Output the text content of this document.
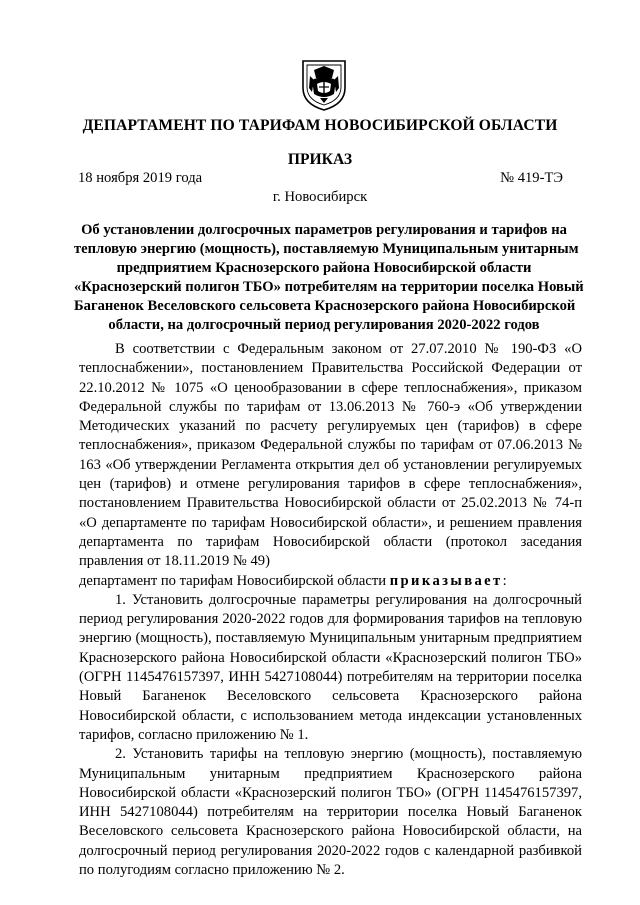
ДЕПАРТАМЕНТ ПО ТАРИФАМ НОВОСИБИРСКОЙ ОБЛАСТИ
ПРИКАЗ
18 ноября 2019 года	№ 419-ТЭ
г. Новосибирск
Об установлении долгосрочных параметров регулирования и тарифов на
тепловую энергию (мощность), поставляемую Муниципальным унитарным
предприятием Краснозерского района Новосибирской области
«Краснозерский полигон ТБО» потребителям на территории поселка Новый
Баганенок Веселовского сельсовета Краснозерского района Новосибирской
области, на долгосрочный период регулирования 2020-2022 годов

В соответствии с Федеральным законом от 27.07.2010 № 190-ФЗ «О теплоснабжении», постановлением Правительства Российской Федерации от 22.10.2012 № 1075 «О ценообразовании в сфере теплоснабжения», приказом Федеральной службы по тарифам от 13.06.2013 № 760-э «Об утверждении Методических указаний по расчету регулируемых цен (тарифов) в сфере теплоснабжения», приказом Федеральной службы по тарифам от 07.06.2013 № 163 «Об утверждении Регламента открытия дел об установлении регулируемых цен (тарифов) и отмене регулирования тарифов в сфере теплоснабжения», постановлением Правительства Новосибирской области от 25.02.2013 № 74-п «О департаменте по тарифам Новосибирской области», и решением правления департамента по тарифам Новосибирской области (протокол заседания правления от 18.11.2019 № 49)

департамент по тарифам Новосибирской области приказывает:

1. Установить долгосрочные параметры регулирования на долгосрочный период регулирования 2020-2022 годов для формирования тарифов на тепловую энергию (мощность), поставляемую Муниципальным унитарным предприятием Краснозерского района Новосибирской области «Краснозерский полигон ТБО» (ОГРН 1145476157397, ИНН 5427108044) потребителям на территории поселка Новый Баганенок Веселовского сельсовета Краснозерского района Новосибирской области, с использованием метода индексации установленных тарифов, согласно приложению № 1.

2. Установить тарифы на тепловую энергию (мощность), поставляемую Муниципальным унитарным предприятием Краснозерского района Новосибирской области «Краснозерский полигон ТБО» (ОГРН 1145476157397, ИНН 5427108044) потребителям на территории поселка Новый Баганенок Веселовского сельсовета Краснозерского района Новосибирской области, на долгосрочный период регулирования 2020-2022 годов с календарной разбивкой по полугодиям согласно приложению № 2.
